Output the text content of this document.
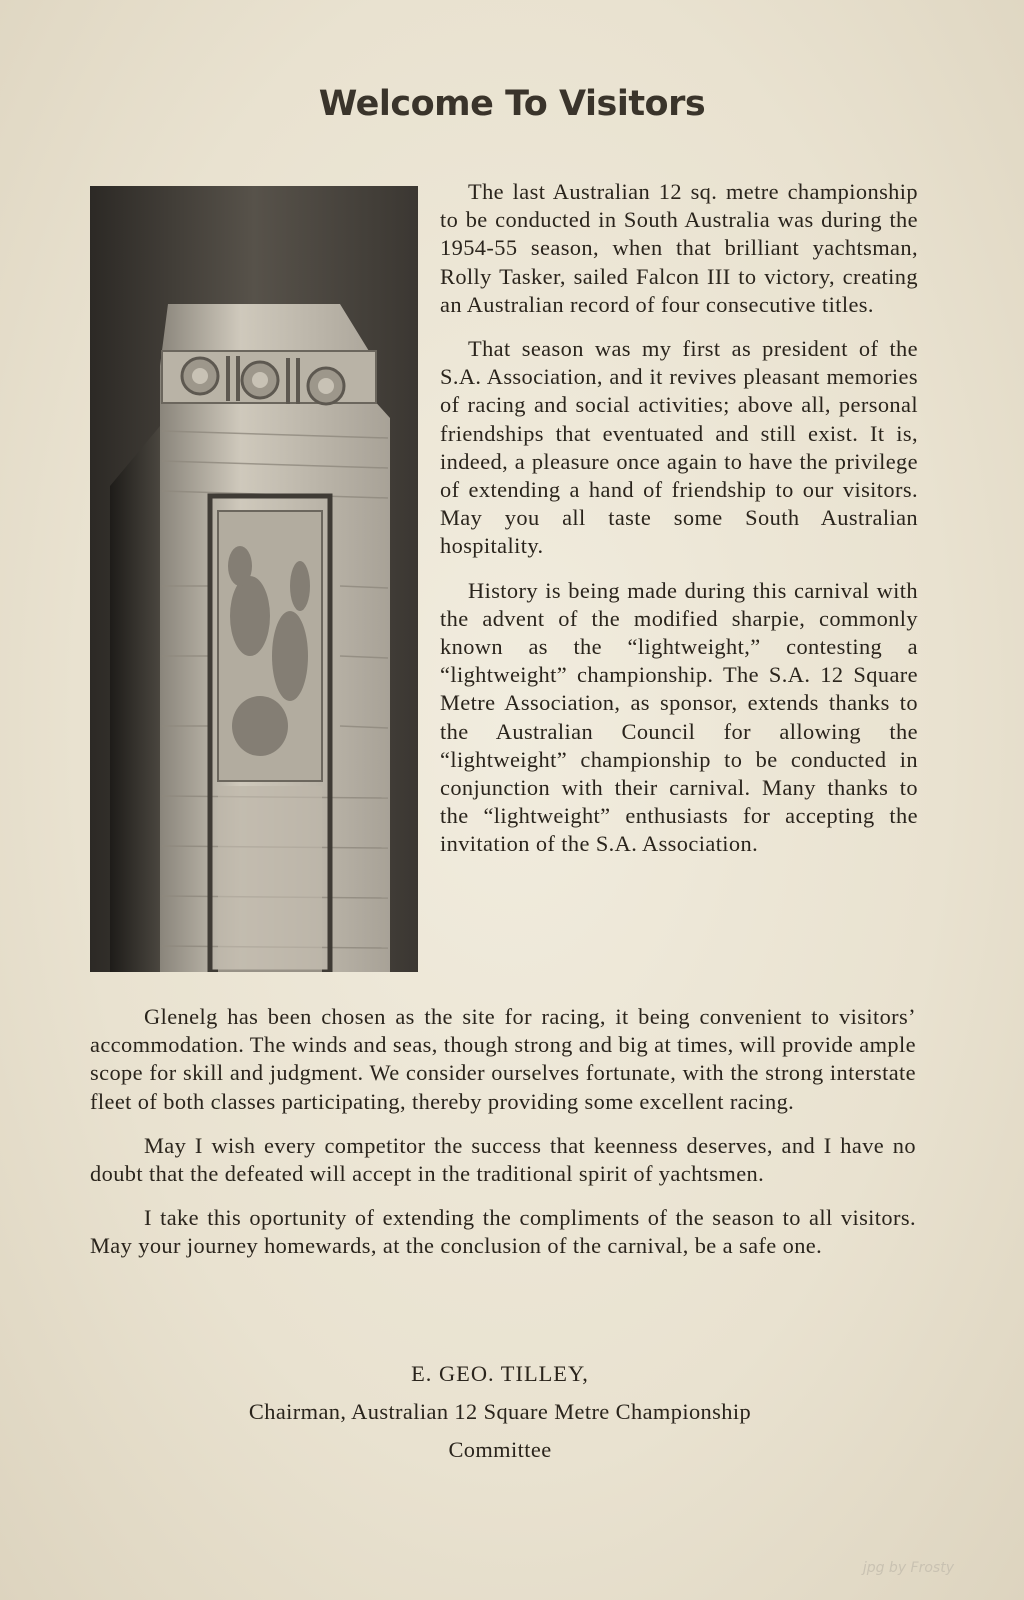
Welcome To Visitors

The last Australian 12 sq. metre championship to be conducted in South Australia was during the 1954-55 season, when that brilliant yachtsman, Rolly Tasker, sailed Falcon III to victory, creating an Australian record of four consecutive titles.

That season was my first as president of the S.A. Association, and it revives pleasant memories of racing and social activities; above all, personal friendships that eventuated and still exist. It is, indeed, a pleasure once again to have the privilege of extending a hand of friendship to our visitors. May you all taste some South Australian hospitality.

History is being made during this carnival with the advent of the modified sharpie, commonly known as the “lightweight,” contesting a “lightweight” championship. The S.A. 12 Square Metre Association, as sponsor, extends thanks to the Australian Council for allowing the “lightweight” championship to be conducted in conjunction with their carnival. Many thanks to the “lightweight” enthusiasts for accepting the invitation of the S.A. Association.

Glenelg has been chosen as the site for racing, it being convenient to visitors’ accommodation. The winds and seas, though strong and big at times, will provide ample scope for skill and judgment. We consider ourselves fortunate, with the strong interstate fleet of both classes participating, thereby providing some excellent racing.

May I wish every competitor the success that keenness deserves, and I have no doubt that the defeated will accept in the traditional spirit of yachtsmen.

I take this oportunity of extending the compliments of the season to all visitors. May your journey homewards, at the conclusion of the carnival, be a safe one.

E. GEO. TILLEY,
Chairman, Australian 12 Square Metre Championship
Committee
jpg by Frosty
